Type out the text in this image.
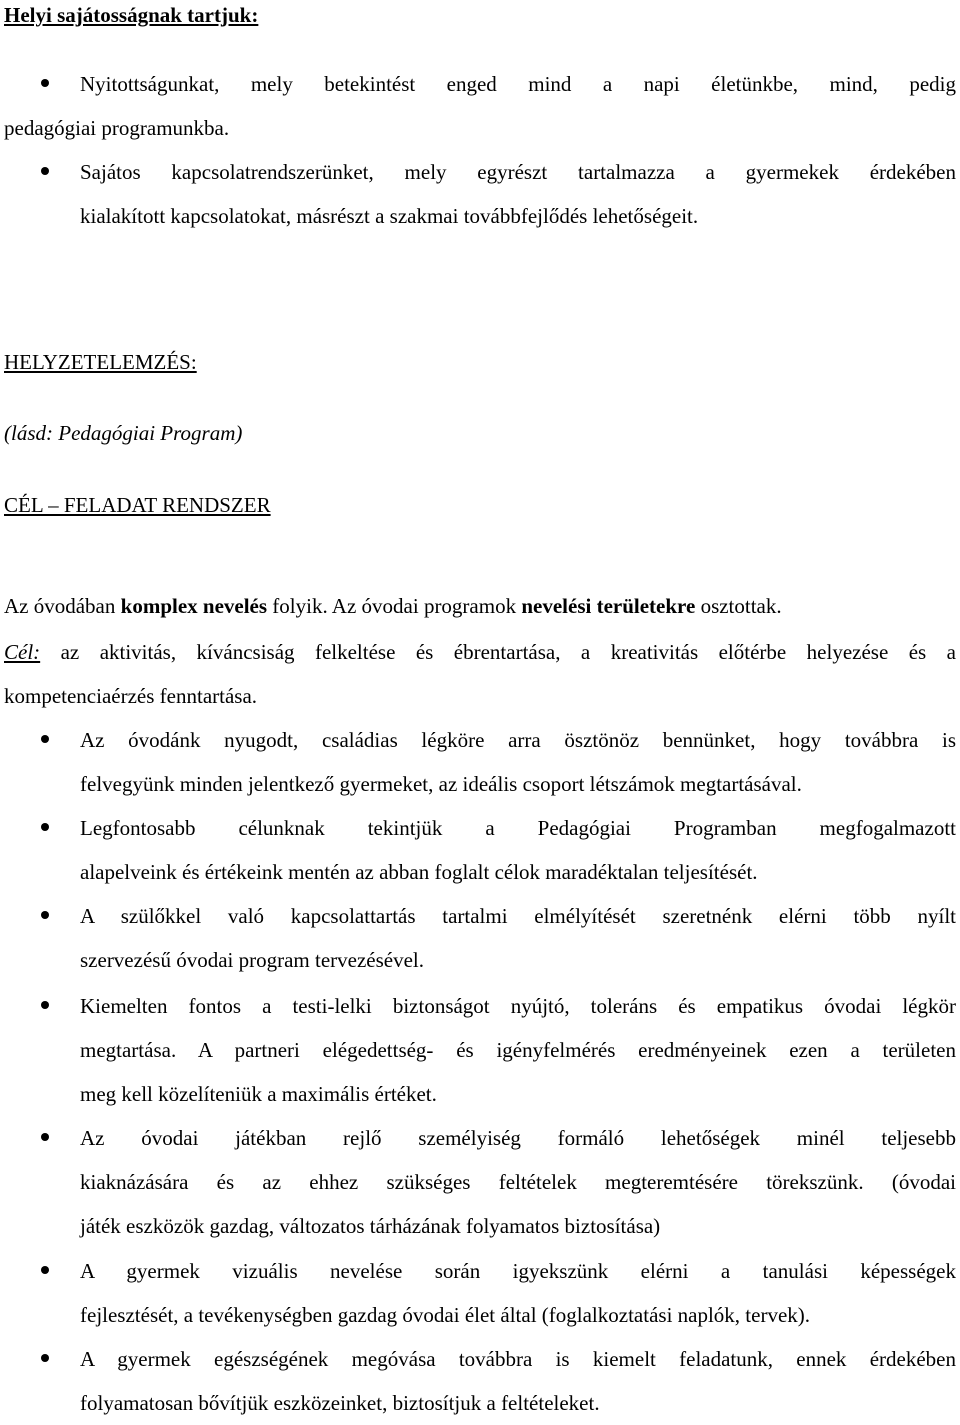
Helyi sajátosságnak tartjuk:
Nyitottságunkat, mely betekintést enged mind a napi életünkbe, mind, pedig
pedagógiai programunkba.
Sajátos kapcsolatrendszerünket, mely egyrészt tartalmazza a gyermekek érdekében
kialakított kapcsolatokat, másrészt a szakmai továbbfejlődés lehetőségeit.
HELYZETELEMZÉS:
(lásd: Pedagógiai Program)
CÉL – FELADAT RENDSZER
Az óvodában komplex nevelés folyik. Az óvodai programok nevelési területekre osztottak.
Cél: az aktivitás, kíváncsiság felkeltése és ébrentartása, a kreativitás előtérbe helyezése és a
kompetenciaérzés fenntartása.
Az óvodánk nyugodt, családias légköre arra ösztönöz bennünket, hogy továbbra is
felvegyünk minden jelentkező gyermeket, az ideális csoport létszámok megtartásával.
Legfontosabb célunknak tekintjük a Pedagógiai Programban megfogalmazott
alapelveink és értékeink mentén az abban foglalt célok maradéktalan teljesítését.
A szülőkkel való kapcsolattartás tartalmi elmélyítését szeretnénk elérni több nyílt
szervezésű óvodai program tervezésével.
Kiemelten fontos a testi-lelki biztonságot nyújtó, toleráns és empatikus óvodai légkör
megtartása. A partneri elégedettség- és igényfelmérés eredményeinek ezen a területen
meg kell közelíteniük a maximális értéket.
Az óvodai játékban rejlő személyiség formáló lehetőségek minél teljesebb
kiaknázására és az ehhez szükséges feltételek megteremtésére törekszünk. (óvodai
játék eszközök gazdag, változatos tárházának folyamatos biztosítása)
A gyermek vizuális nevelése során igyekszünk elérni a tanulási képességek
fejlesztését, a tevékenységben gazdag óvodai élet által (foglalkoztatási naplók, tervek).
A gyermek egészségének megóvása továbbra is kiemelt feladatunk, ennek érdekében
folyamatosan bővítjük eszközeinket, biztosítjuk a feltételeket.
